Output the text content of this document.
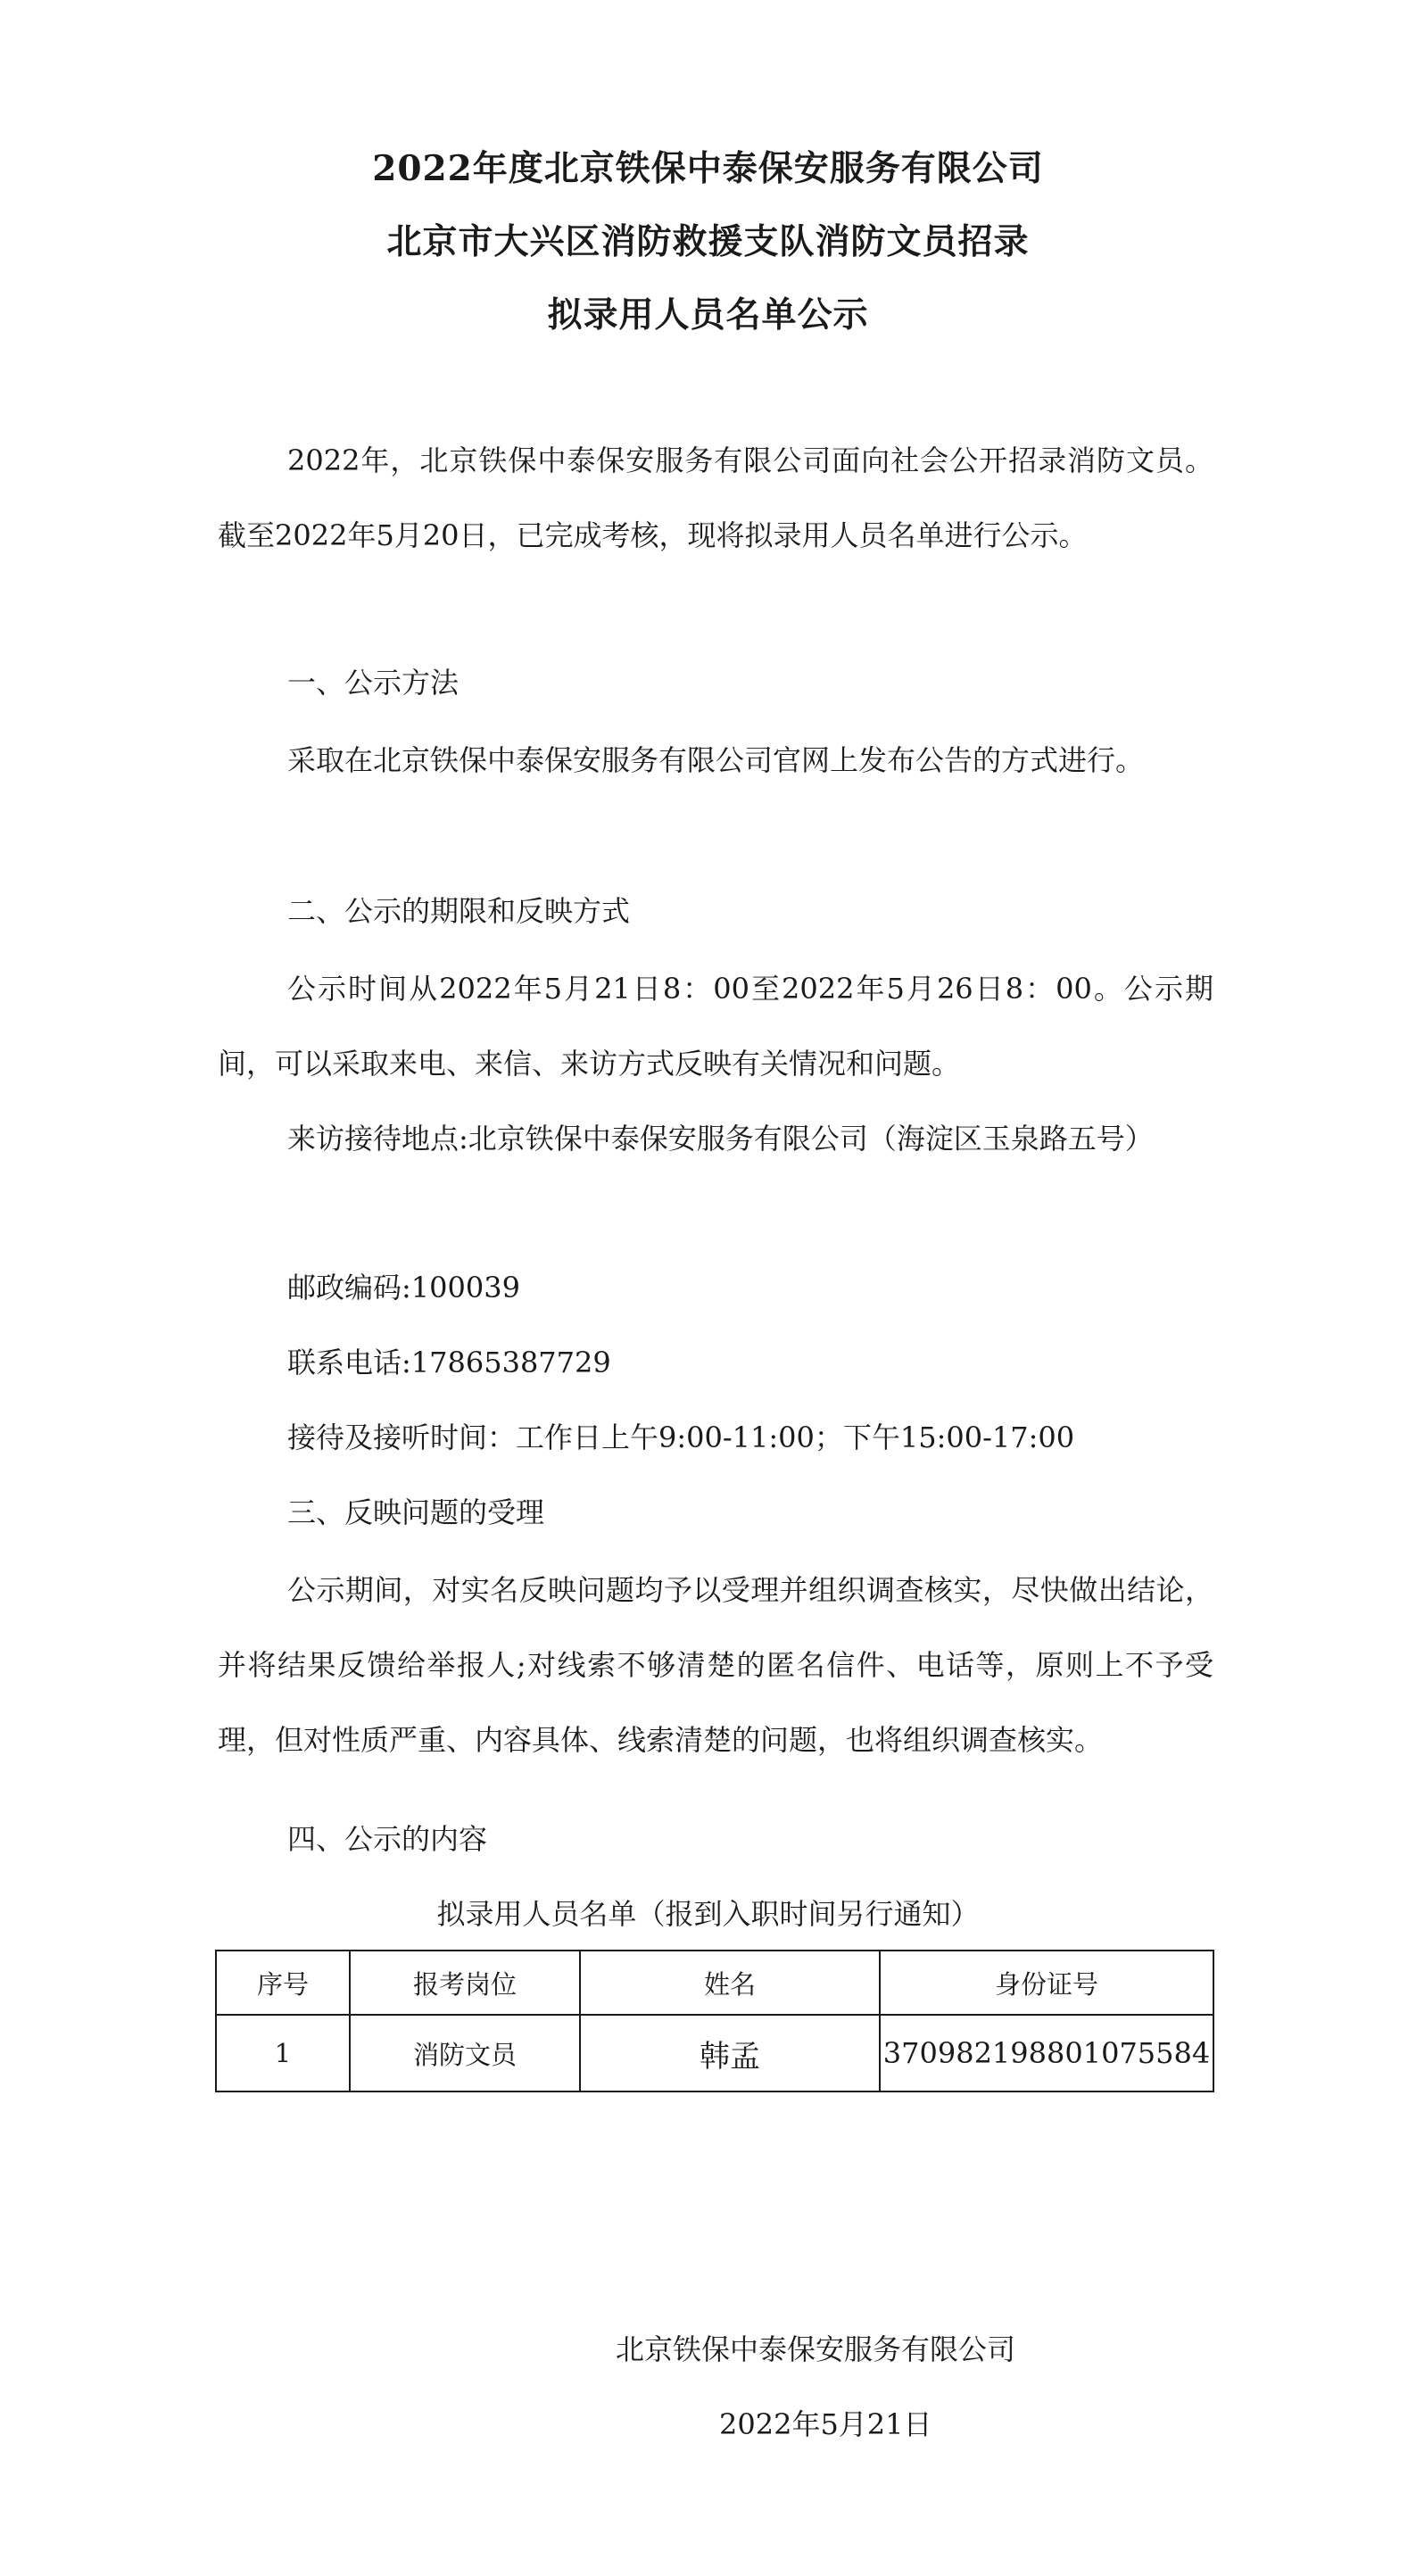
2022年度北京铁保中泰保安服务有限公司
北京市大兴区消防救援支队消防文员招录
拟录用人员名单公示
2022年，北京铁保中泰保安服务有限公司面向社会公开招录消防文员。截至2022年5月20日，已完成考核，现将拟录用人员名单进行公示。
一、公示方法
采取在北京铁保中泰保安服务有限公司官网上发布公告的方式进行。
二、公示的期限和反映方式
公示时间从2022年5月21日8：00至2022年5月26日8：00。公示期间，可以采取来电、来信、来访方式反映有关情况和问题。
来访接待地点:北京铁保中泰保安服务有限公司（海淀区玉泉路五号）
邮政编码:100039
联系电话:17865387729
接待及接听时间：工作日上午9:00-11:00；下午15:00-17:00
三、反映问题的受理
公示期间，对实名反映问题均予以受理并组织调查核实，尽快做出结论，并将结果反馈给举报人;对线索不够清楚的匿名信件、电话等，原则上不予受理，但对性质严重、内容具体、线索清楚的问题，也将组织调查核实。
四、公示的内容
拟录用人员名单（报到入职时间另行通知）
序号	报考岗位	姓名	身份证号
1	消防文员	韩孟	370982198801075584
北京铁保中泰保安服务有限公司
2022年5月21日
